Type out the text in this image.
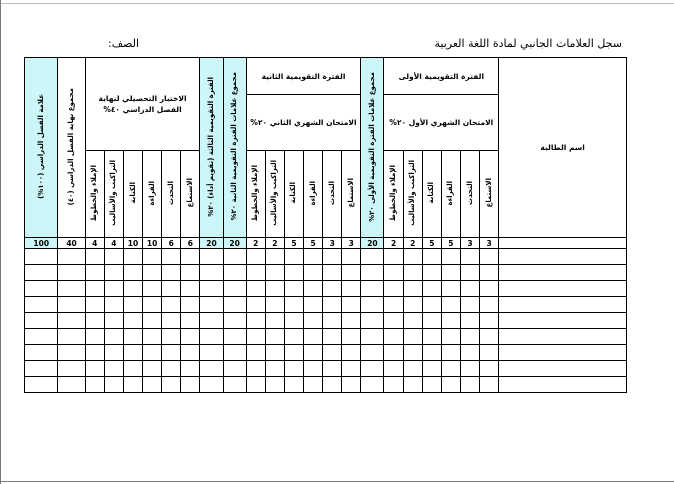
سجل العلامات الجانبي لمادة اللغة العربية
الصف:
اسم الطالبة	الفترة التقويمية الأولى						مجموع علامات الفترة التقويمية الأولى ٢٠%	الفترة التقويمية الثانية						مجموع علامات الفترة التقويمية الثانية ٢٠%	الفترة التقويمية الثالثة (تقويم أداء) ٢٠%	الاختبار التحصيلي لنهاية الفصل الدراسي ٤٠%						مجموع نهاية الفصل الدراسي (٤٠)	علامة الفصل الدراسي (١٠٠%)
	الامتحان الشهري الأول ٢٠%							الامتحان الشهري الثاني ٢٠%															
	الاستماع	التحدث	القراءة	الكتابة	التراكيب والأساليب	الإملاء والخطوط		الاستماع	التحدث	القراءة	الكتابة	التراكيب والأساليب	الإملاء والخطوط			الاستماع	التحدث	القراءة	الكتابة	التراكيب والأساليب	الإملاء والخطوط		
	3	3	5	5	2	2	20	3	3	5	5	2	2	20	20	6	6	10	10	4	4	40	100
